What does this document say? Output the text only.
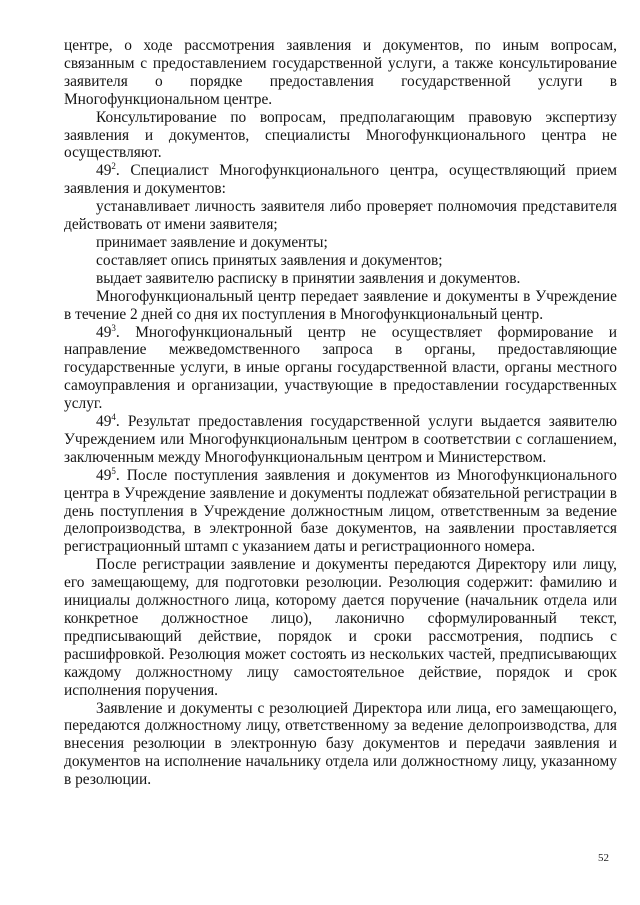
центре, о ходе рассмотрения заявления и документов, по иным вопросам, связанным с предоставлением государственной услуги, а также консультирование заявителя о порядке предоставления государственной услуги в Многофункциональном центре.

Консультирование по вопросам, предполагающим правовую экспертизу заявления и документов, специалисты Многофункционального центра не осуществляют.

$49^2$. Специалист Многофункционального центра, осуществляющий прием заявления и документов:

устанавливает личность заявителя либо проверяет полномочия представителя действовать от имени заявителя;

принимает заявление и документы;

составляет опись принятых заявления и документов;

выдает заявителю расписку в принятии заявления и документов.

Многофункциональный центр передает заявление и документы в Учреждение в течение 2 дней со дня их поступления в Многофункциональный центр.

$49^3$. Многофункциональный центр не осуществляет формирование и направление межведомственного запроса в органы, предоставляющие государственные услуги, в иные органы государственной власти, органы местного самоуправления и организации, участвующие в предоставлении государственных услуг.

$49^4$. Результат предоставления государственной услуги выдается заявителю Учреждением или Многофункциональным центром в соответствии с соглашением, заключенным между Многофункциональным центром и Министерством.

$49^5$. После поступления заявления и документов из Многофункционального центра в Учреждение заявление и документы подлежат обязательной регистрации в день поступления в Учреждение должностным лицом, ответственным за ведение делопроизводства, в электронной базе документов, на заявлении проставляется регистрационный штамп с указанием даты и регистрационного номера.

После регистрации заявление и документы передаются Директору или лицу, его замещающему, для подготовки резолюции. Резолюция содержит: фамилию и инициалы должностного лица, которому дается поручение (начальник отдела или конкретное должностное лицо), лаконично сформулированный текст, предписывающий действие, порядок и сроки рассмотрения, подпись с расшифровкой. Резолюция может состоять из нескольких частей, предписывающих каждому должностному лицу самостоятельное действие, порядок и срок исполнения поручения.

Заявление и документы с резолюцией Директора или лица, его замещающего, передаются должностному лицу, ответственному за ведение делопроизводства, для внесения резолюции в электронную базу документов и передачи заявления и документов на исполнение начальнику отдела или должностному лицу, указанному в резолюции.

52
